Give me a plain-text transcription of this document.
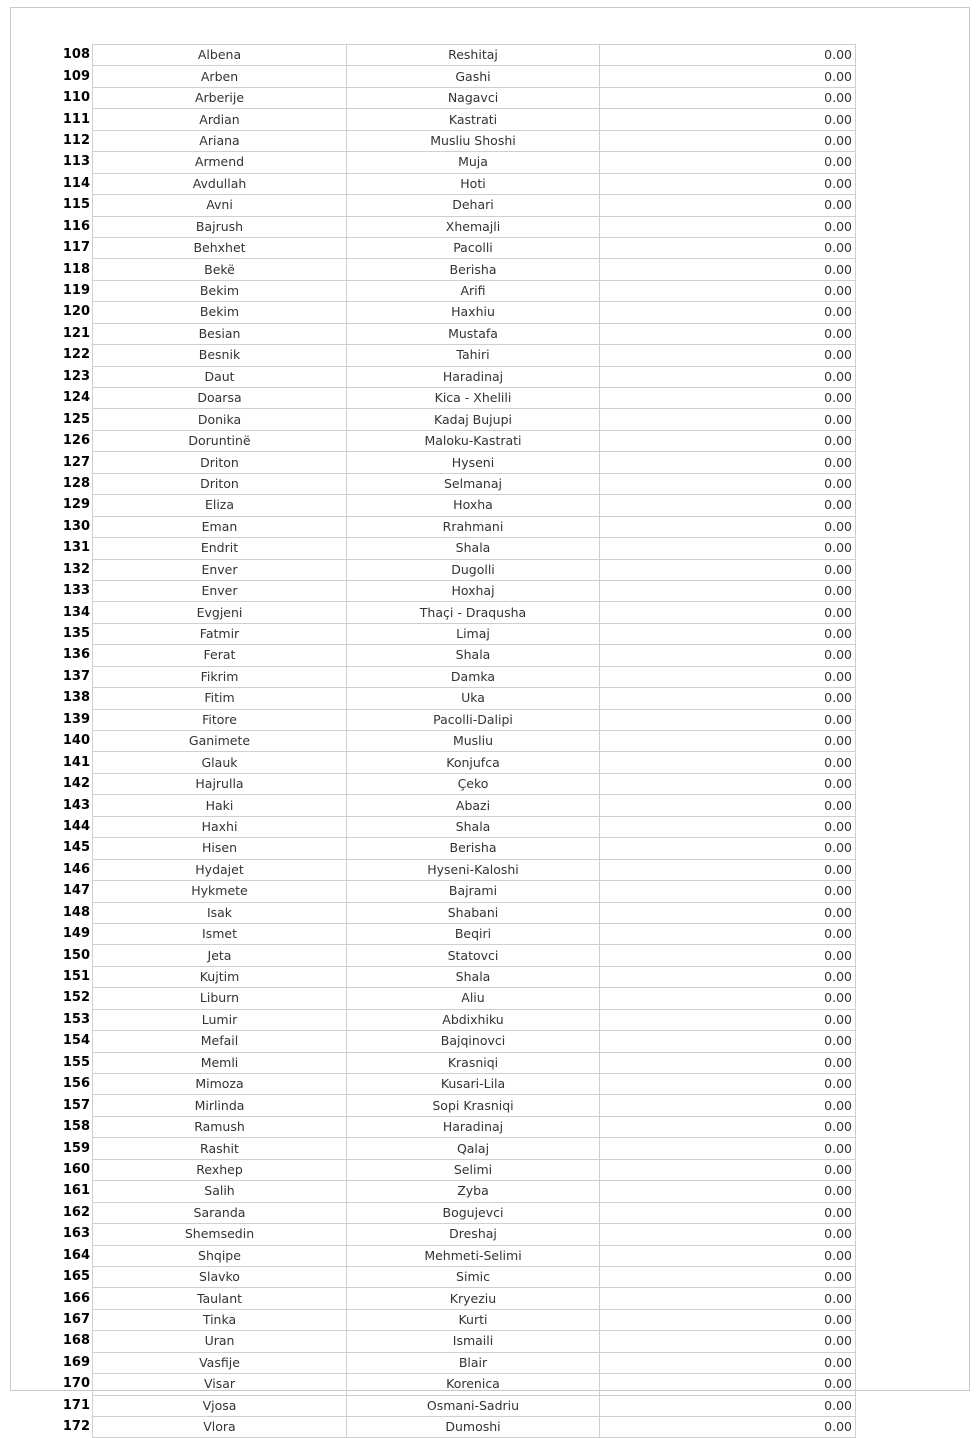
108	Albena	Reshitaj	0.00
109	Arben	Gashi	0.00
110	Arberije	Nagavci	0.00
111	Ardian	Kastrati	0.00
112	Ariana	Musliu Shoshi	0.00
113	Armend	Muja	0.00
114	Avdullah	Hoti	0.00
115	Avni	Dehari	0.00
116	Bajrush	Xhemajli	0.00
117	Behxhet	Pacolli	0.00
118	Bekë	Berisha	0.00
119	Bekim	Arifi	0.00
120	Bekim	Haxhiu	0.00
121	Besian	Mustafa	0.00
122	Besnik	Tahiri	0.00
123	Daut	Haradinaj	0.00
124	Doarsa	Kica - Xhelili	0.00
125	Donika	Kadaj Bujupi	0.00
126	Doruntinë	Maloku-Kastrati	0.00
127	Driton	Hyseni	0.00
128	Driton	Selmanaj	0.00
129	Eliza	Hoxha	0.00
130	Eman	Rrahmani	0.00
131	Endrit	Shala	0.00
132	Enver	Dugolli	0.00
133	Enver	Hoxhaj	0.00
134	Evgjeni	Thaçi - Draqusha	0.00
135	Fatmir	Limaj	0.00
136	Ferat	Shala	0.00
137	Fikrim	Damka	0.00
138	Fitim	Uka	0.00
139	Fitore	Pacolli-Dalipi	0.00
140	Ganimete	Musliu	0.00
141	Glauk	Konjufca	0.00
142	Hajrulla	Çeko	0.00
143	Haki	Abazi	0.00
144	Haxhi	Shala	0.00
145	Hisen	Berisha	0.00
146	Hydajet	Hyseni-Kaloshi	0.00
147	Hykmete	Bajrami	0.00
148	Isak	Shabani	0.00
149	Ismet	Beqiri	0.00
150	Jeta	Statovci	0.00
151	Kujtim	Shala	0.00
152	Liburn	Aliu	0.00
153	Lumir	Abdixhiku	0.00
154	Mefail	Bajqinovci	0.00
155	Memli	Krasniqi	0.00
156	Mimoza	Kusari-Lila	0.00
157	Mirlinda	Sopi Krasniqi	0.00
158	Ramush	Haradinaj	0.00
159	Rashit	Qalaj	0.00
160	Rexhep	Selimi	0.00
161	Salih	Zyba	0.00
162	Saranda	Bogujevci	0.00
163	Shemsedin	Dreshaj	0.00
164	Shqipe	Mehmeti-Selimi	0.00
165	Slavko	Simic	0.00
166	Taulant	Kryeziu	0.00
167	Tinka	Kurti	0.00
168	Uran	Ismaili	0.00
169	Vasfije	Blair	0.00
170	Visar	Korenica	0.00
171	Vjosa	Osmani-Sadriu	0.00
172	Vlora	Dumoshi	0.00
